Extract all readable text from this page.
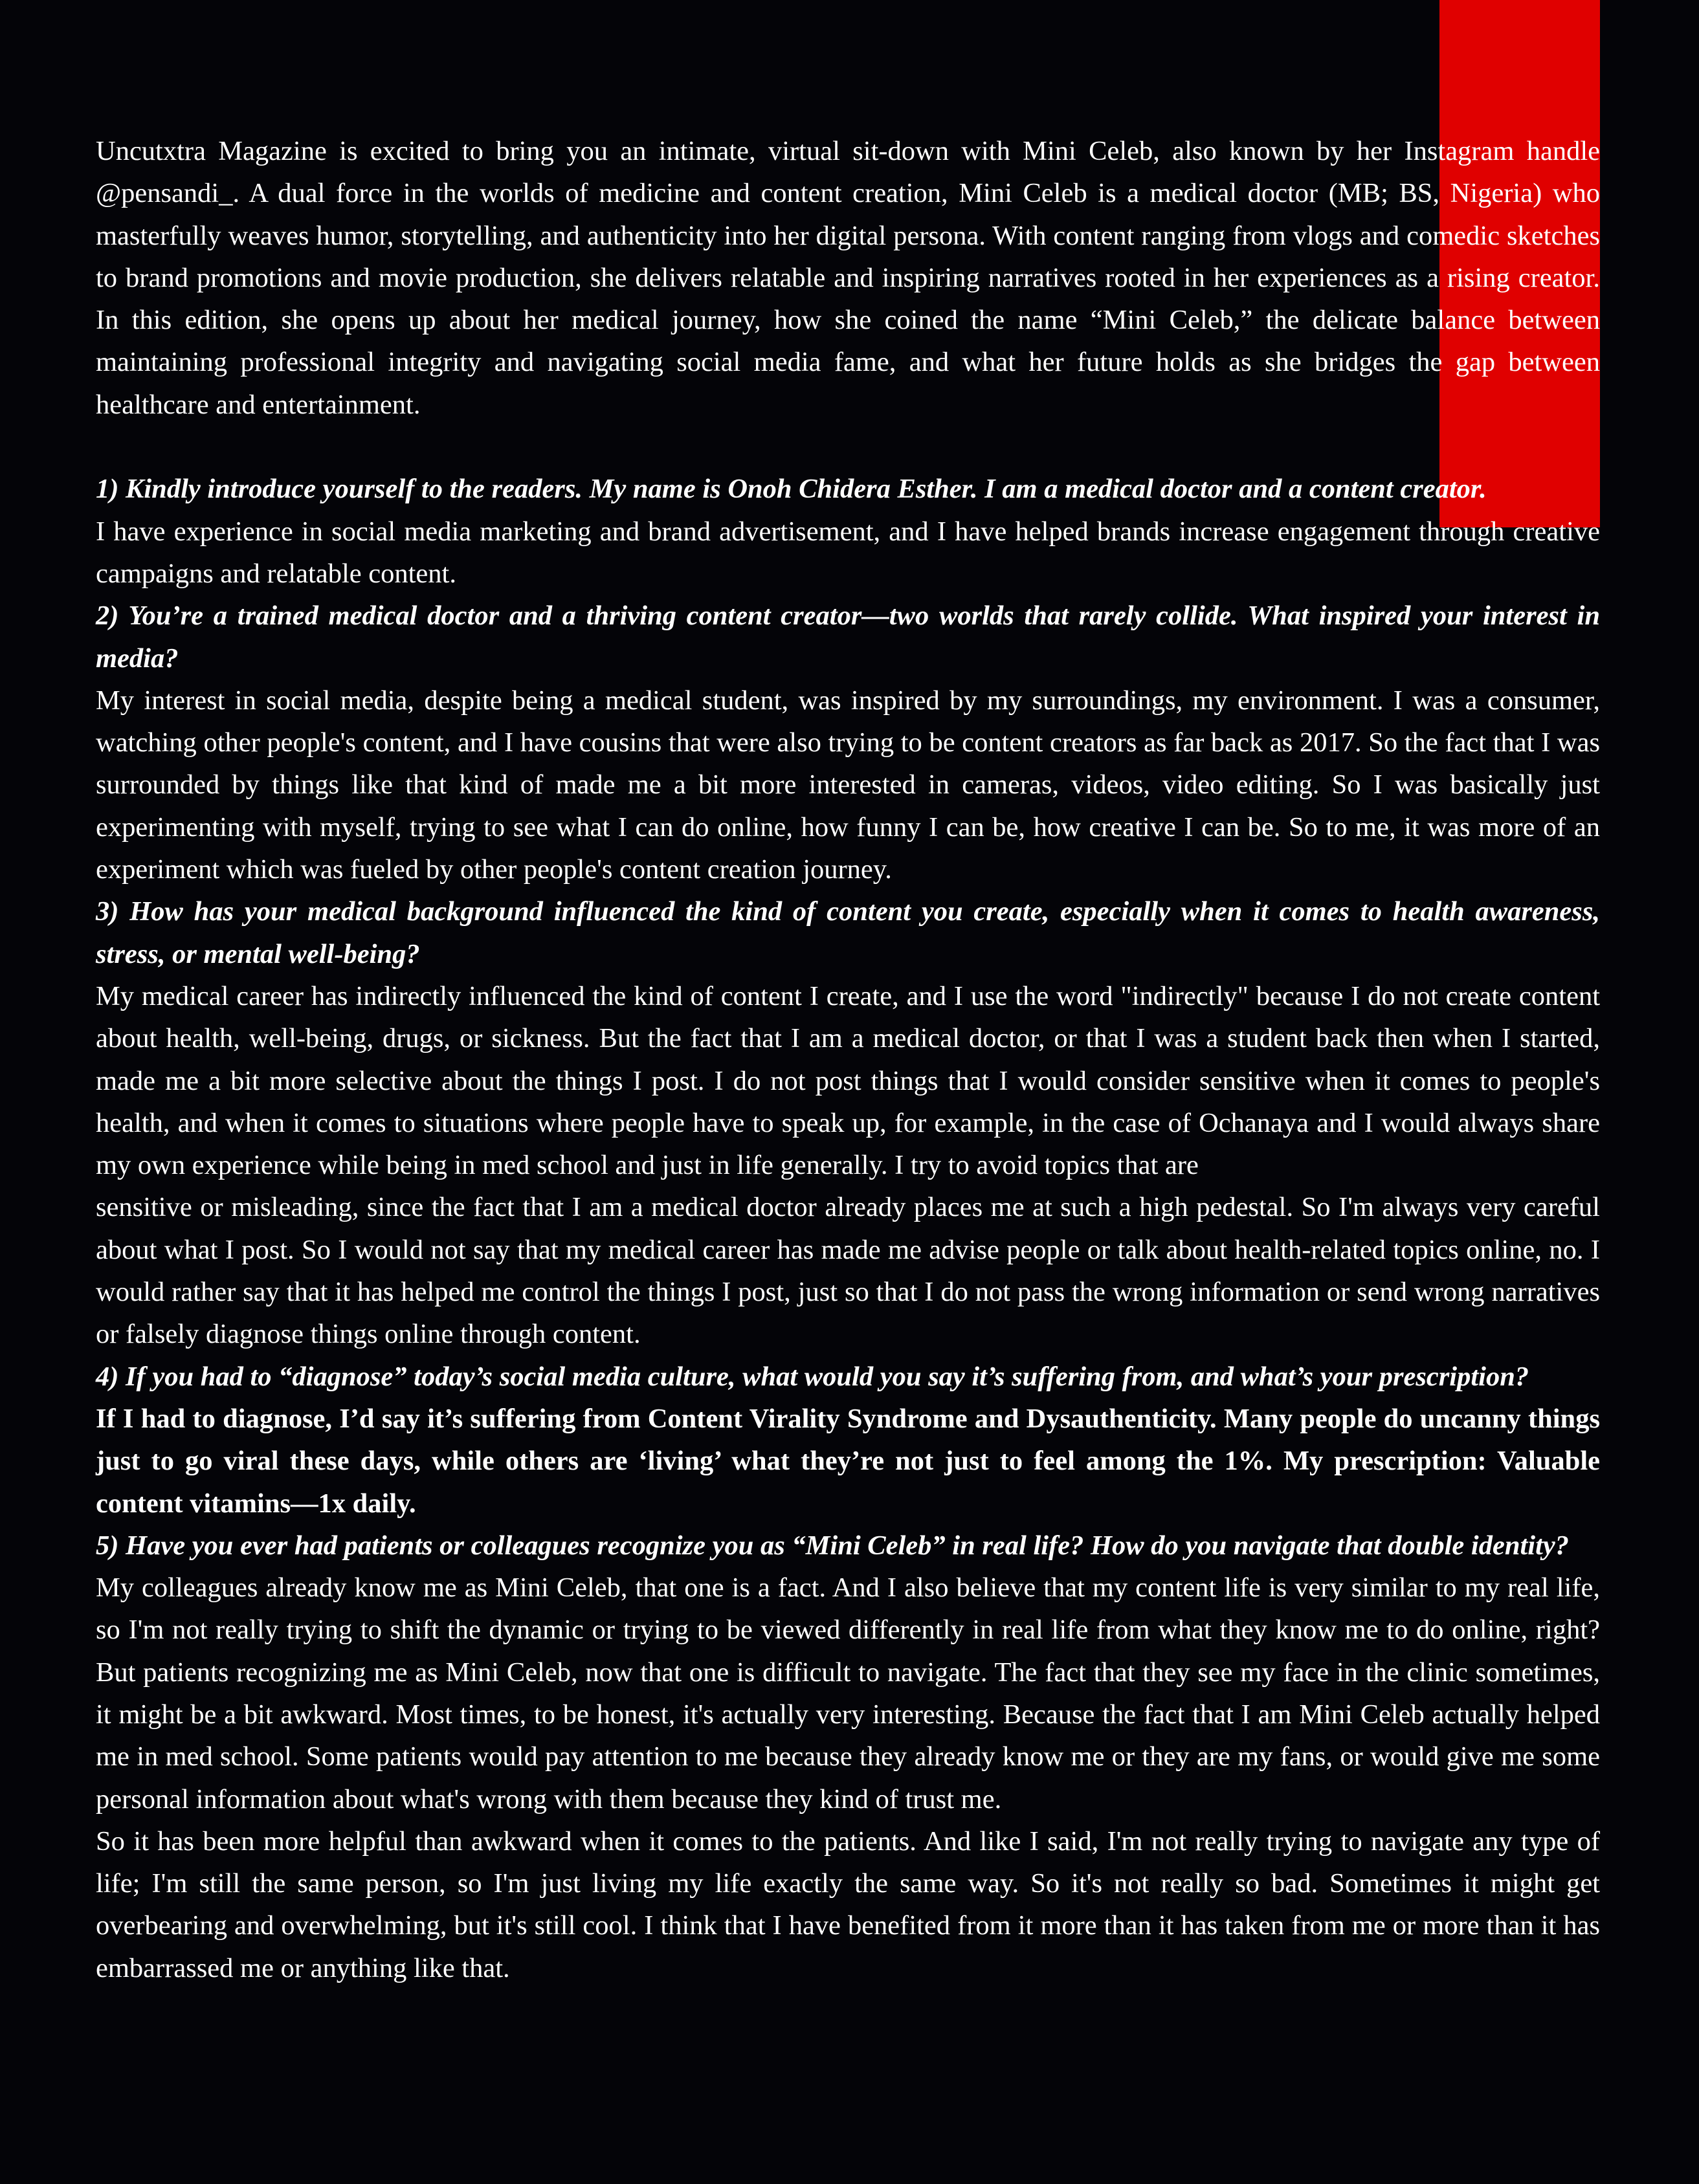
Uncutxtra Magazine is excited to bring you an intimate, virtual sit-down with Mini Celeb, also known by her Instagram handle @pensandi_. A dual force in the worlds of medicine and content creation, Mini Celeb is a medical doctor (MB; BS, Nigeria) who masterfully weaves humor, storytelling, and authenticity into her digital persona. With content ranging from vlogs and comedic sketches to brand promotions and movie production, she delivers relatable and inspiring narratives rooted in her experiences as a rising creator. In this edition, she opens up about her medical journey, how she coined the name “Mini Celeb,” the delicate balance between maintaining professional integrity and navigating social media fame, and what her future holds as she bridges the gap between healthcare and entertainment.

1) Kindly introduce yourself to the readers. My name is Onoh Chidera Esther. I am a medical doctor and a content creator.

I have experience in social media marketing and brand advertisement, and I have helped brands increase engagement through creative campaigns and relatable content.

2) You’re a trained medical doctor and a thriving content creator—two worlds that rarely collide. What inspired your interest in media?

My interest in social media, despite being a medical student, was inspired by my surroundings, my environment. I was a consumer, watching other people's content, and I have cousins that were also trying to be content creators as far back as 2017. So the fact that I was surrounded by things like that kind of made me a bit more interested in cameras, videos, video editing. So I was basically just experimenting with myself, trying to see what I can do online, how funny I can be, how creative I can be. So to me, it was more of an experiment which was fueled by other people's content creation journey.

3) How has your medical background influenced the kind of content you create, especially when it comes to health awareness, stress, or mental well-being?

My medical career has indirectly influenced the kind of content I create, and I use the word "indirectly" because I do not create content about health, well-being, drugs, or sickness. But the fact that I am a medical doctor, or that I was a student back then when I started, made me a bit more selective about the things I post. I do not post things that I would consider sensitive when it comes to people's health, and when it comes to situations where people have to speak up, for example, in the case of Ochanaya and I would always share my own experience while being in med school and just in life generally. I try to avoid topics that are

sensitive or misleading, since the fact that I am a medical doctor already places me at such a high pedestal. So I'm always very careful about what I post. So I would not say that my medical career has made me advise people or talk about health-related topics online, no. I would rather say that it has helped me control the things I post, just so that I do not pass the wrong information or send wrong narratives or falsely diagnose things online through content.

4) If you had to “diagnose” today’s social media culture, what would you say it’s suffering from, and what’s your prescription?

If I had to diagnose, I’d say it’s suffering from Content Virality Syndrome and Dysauthenticity. Many people do uncanny things just to go viral these days, while others are ‘living’ what they’re not just to feel among the 1%. My prescription: Valuable content vitamins—1x daily.

5) Have you ever had patients or colleagues recognize you as “Mini Celeb” in real life? How do you navigate that double identity?

My colleagues already know me as Mini Celeb, that one is a fact. And I also believe that my content life is very similar to my real life, so I'm not really trying to shift the dynamic or trying to be viewed differently in real life from what they know me to do online, right? But patients recognizing me as Mini Celeb, now that one is difficult to navigate. The fact that they see my face in the clinic sometimes, it might be a bit awkward. Most times, to be honest, it's actually very interesting. Because the fact that I am Mini Celeb actually helped me in med school. Some patients would pay attention to me because they already know me or they are my fans, or would give me some personal information about what's wrong with them because they kind of trust me.

So it has been more helpful than awkward when it comes to the patients. And like I said, I'm not really trying to navigate any type of life; I'm still the same person, so I'm just living my life exactly the same way. So it's not really so bad. Sometimes it might get overbearing and overwhelming, but it's still cool. I think that I have benefited from it more than it has taken from me or more than it has embarrassed me or anything like that.
